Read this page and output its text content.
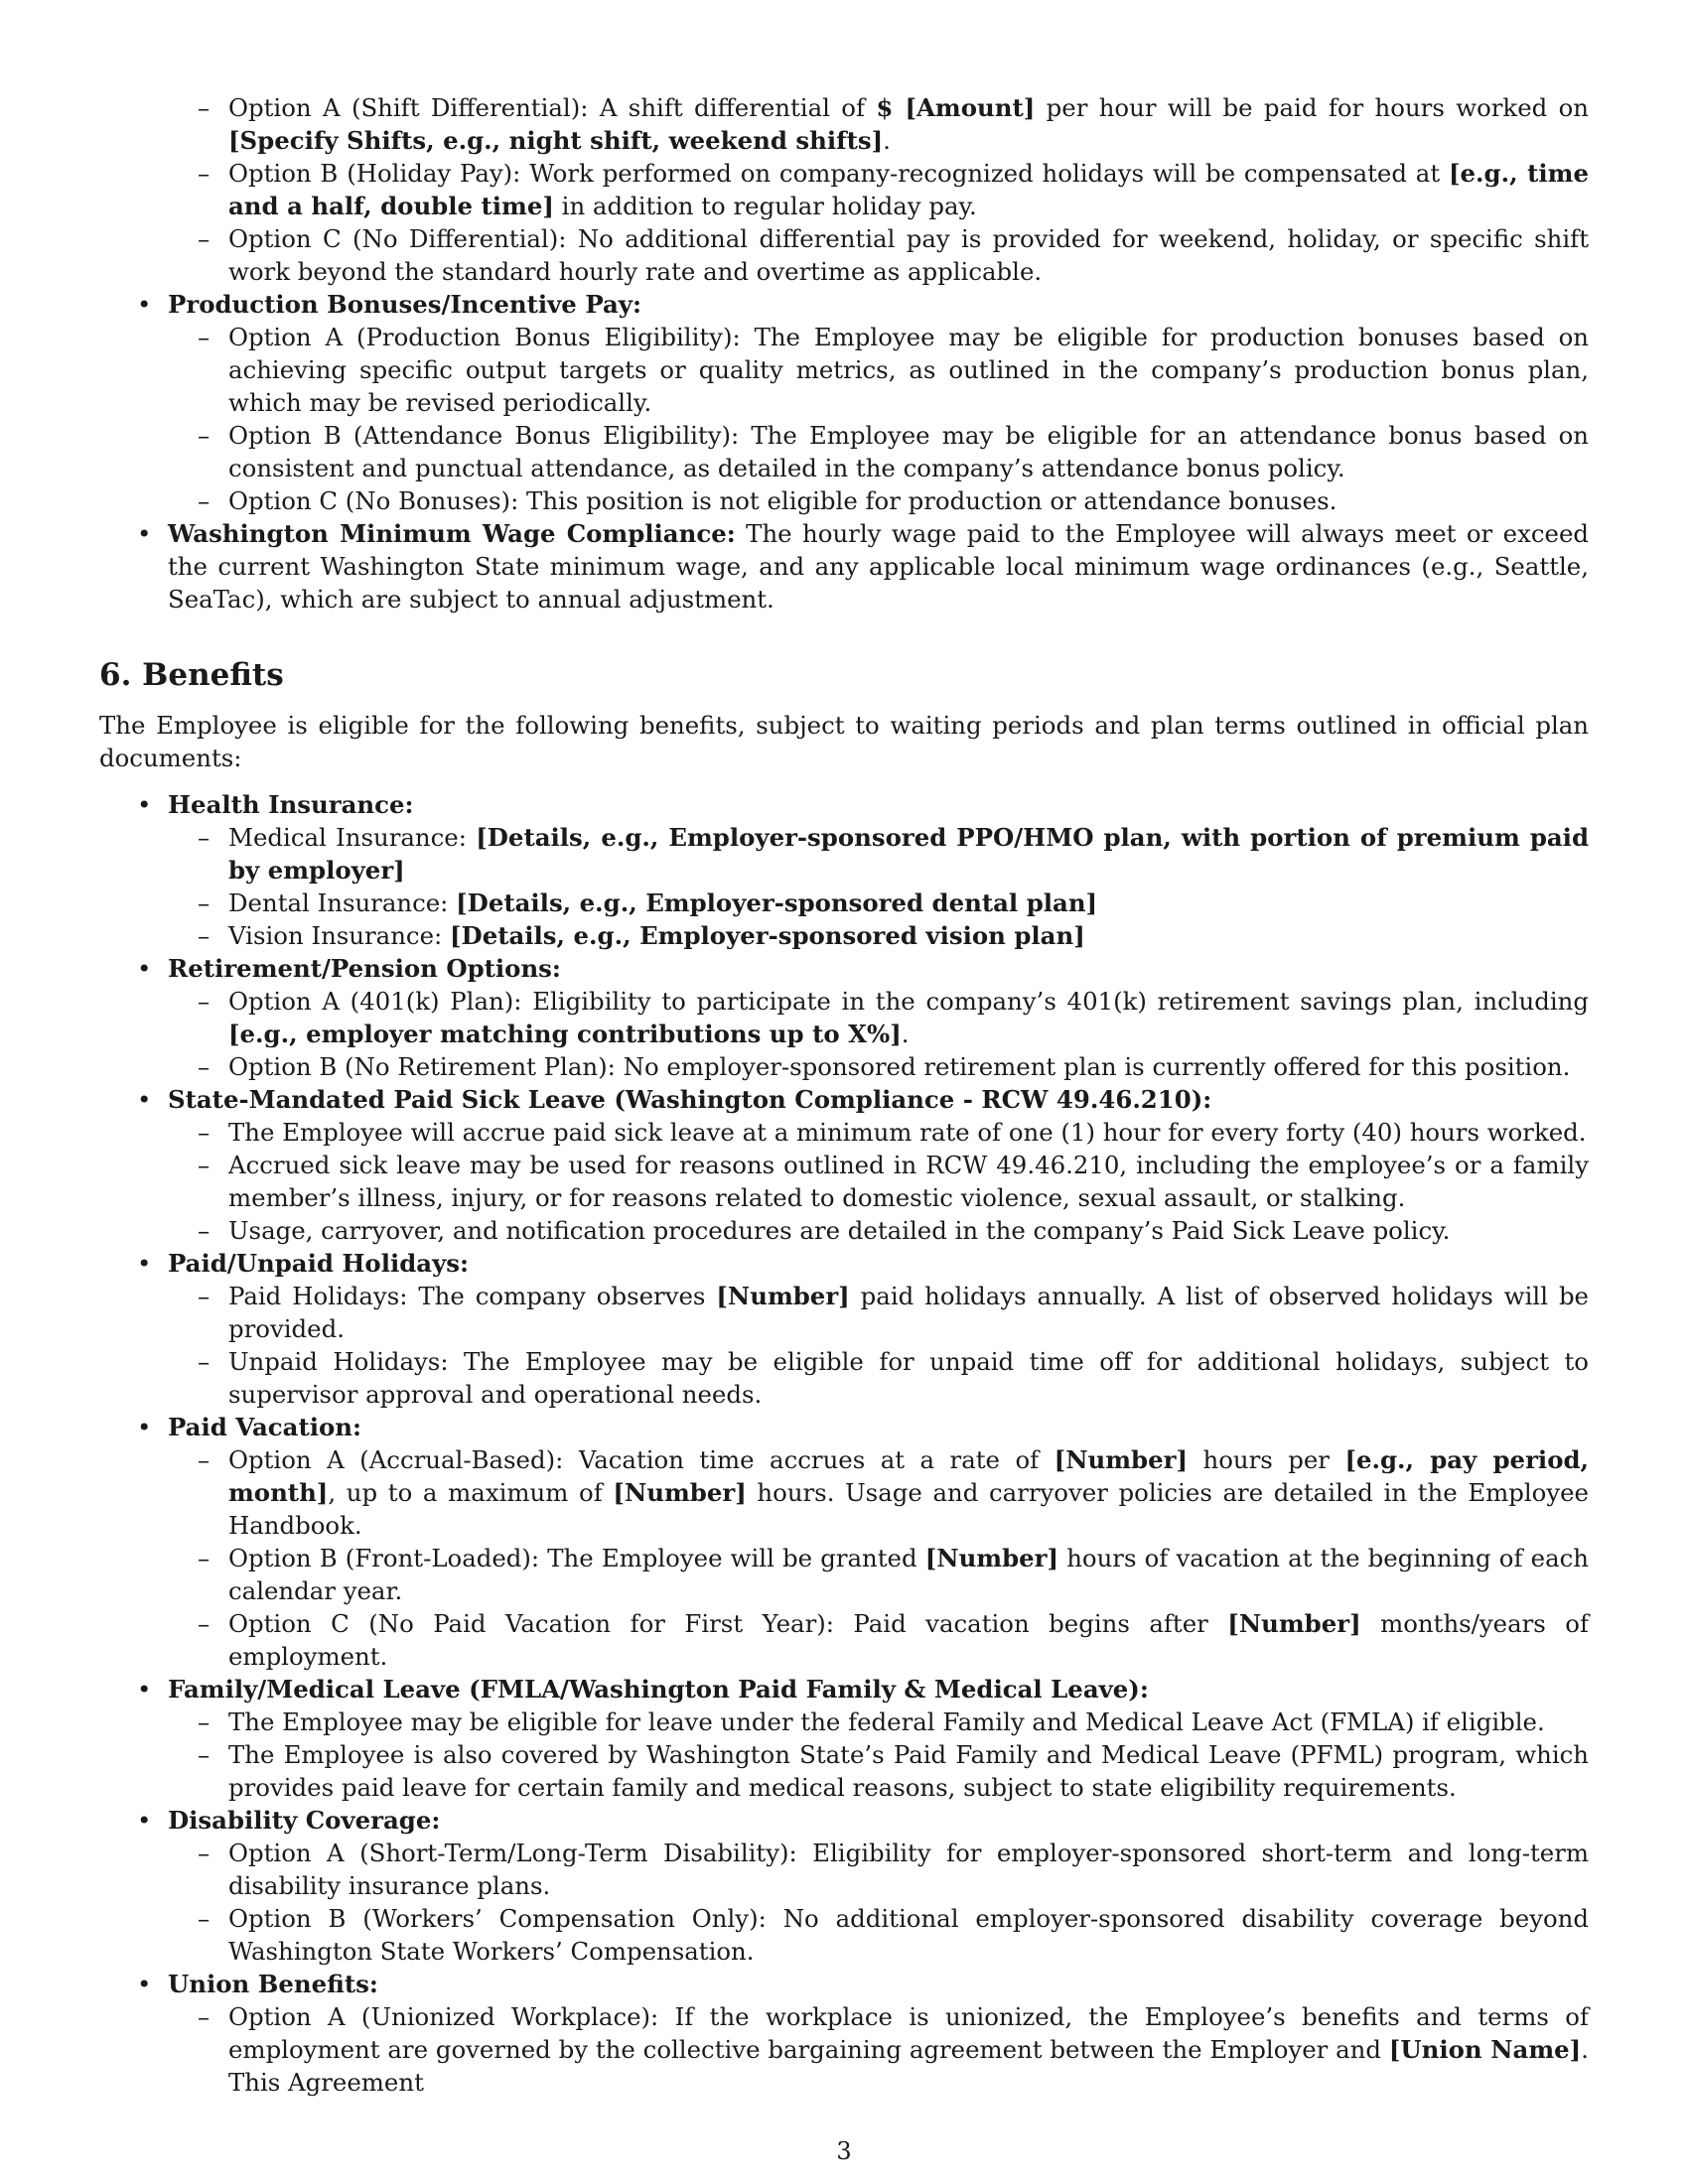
– Option A (Shift Differential): A shift differential of $ [Amount] per hour will be paid for hours worked on [Specify Shifts, e.g., night shift, weekend shifts].
– Option B (Holiday Pay): Work performed on company-recognized holidays will be compensated at [e.g., time and a half, double time] in addition to regular holiday pay.
– Option C (No Differential): No additional differential pay is provided for weekend, holiday, or specific shift work beyond the standard hourly rate and overtime as applicable.
• Production Bonuses/Incentive Pay:
– Option A (Production Bonus Eligibility): The Employee may be eligible for production bonuses based on achieving specific output targets or quality metrics, as outlined in the company’s production bonus plan, which may be revised periodically.
– Option B (Attendance Bonus Eligibility): The Employee may be eligible for an attendance bonus based on consistent and punctual attendance, as detailed in the company’s attendance bonus policy.
– Option C (No Bonuses): This position is not eligible for production or attendance bonuses.
• Washington Minimum Wage Compliance: The hourly wage paid to the Employee will always meet or exceed the current Washington State minimum wage, and any applicable local minimum wage ordinances (e.g., Seattle, SeaTac), which are subject to annual adjustment.
6. Benefits

The Employee is eligible for the following benefits, subject to waiting periods and plan terms outlined in official plan documents:

• Health Insurance:
– Medical Insurance: [Details, e.g., Employer-sponsored PPO/HMO plan, with portion of premium paid by employer]
– Dental Insurance: [Details, e.g., Employer-sponsored dental plan]
– Vision Insurance: [Details, e.g., Employer-sponsored vision plan]
• Retirement/Pension Options:
– Option A (401(k) Plan): Eligibility to participate in the company’s 401(k) retirement savings plan, including [e.g., employer matching contributions up to X%].
– Option B (No Retirement Plan): No employer-sponsored retirement plan is currently offered for this position.
• State-Mandated Paid Sick Leave (Washington Compliance - RCW 49.46.210):
– The Employee will accrue paid sick leave at a minimum rate of one (1) hour for every forty (40) hours worked.
– Accrued sick leave may be used for reasons outlined in RCW 49.46.210, including the employee’s or a family member’s illness, injury, or for reasons related to domestic violence, sexual assault, or stalking.
– Usage, carryover, and notification procedures are detailed in the company’s Paid Sick Leave policy.
• Paid/Unpaid Holidays:
– Paid Holidays: The company observes [Number] paid holidays annually. A list of observed holidays will be provided.
– Unpaid Holidays: The Employee may be eligible for unpaid time off for additional holidays, subject to supervisor approval and operational needs.
• Paid Vacation:
– Option A (Accrual-Based): Vacation time accrues at a rate of [Number] hours per [e.g., pay period, month], up to a maximum of [Number] hours. Usage and carryover policies are detailed in the Employee Handbook.
– Option B (Front-Loaded): The Employee will be granted [Number] hours of vacation at the beginning of each calendar year.
– Option C (No Paid Vacation for First Year): Paid vacation begins after [Number] months/years of employment.
• Family/Medical Leave (FMLA/Washington Paid Family & Medical Leave):
– The Employee may be eligible for leave under the federal Family and Medical Leave Act (FMLA) if eligible.
– The Employee is also covered by Washington State’s Paid Family and Medical Leave (PFML) program, which provides paid leave for certain family and medical reasons, subject to state eligibility requirements.
• Disability Coverage:
– Option A (Short-Term/Long-Term Disability): Eligibility for employer-sponsored short-term and long-term disability insurance plans.
– Option B (Workers’ Compensation Only): No additional employer-sponsored disability coverage beyond Washington State Workers’ Compensation.
• Union Benefits:
– Option A (Unionized Workplace): If the workplace is unionized, the Employee’s benefits and terms of employment are governed by the collective bargaining agreement between the Employer and [Union Name]. This Agreement
3
